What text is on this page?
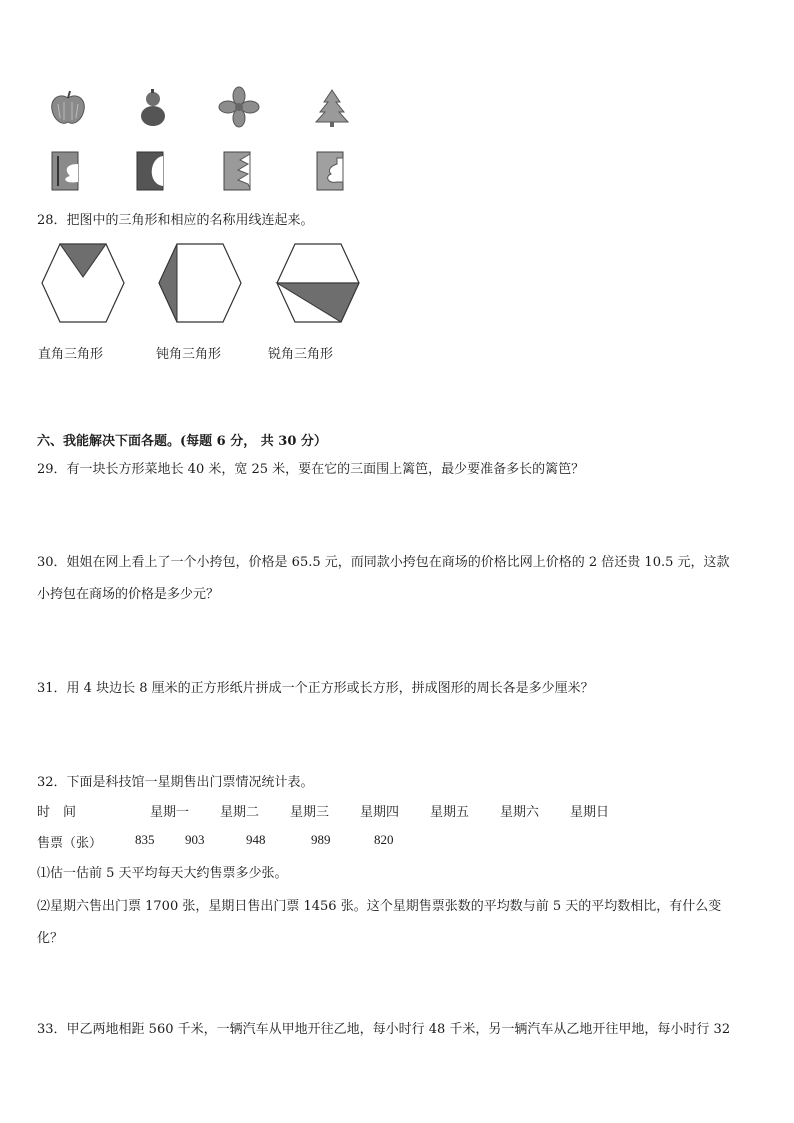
28．把图中的三角形和相应的名称用线连起来。
直角三角形	钝角三角形	锐角三角形
六、我能解决下面各题。(每题 6 分， 共 30 分）
29．有一块长方形菜地长 40 米，宽 25 米，要在它的三面围上篱笆，最少要准备多长的篱笆？
30．姐姐在网上看上了一个小挎包，价格是 65.5 元，而同款小挎包在商场的价格比网上价格的 2 倍还贵 10.5 元，这款
小挎包在商场的价格是多少元？
31．用 4 块边长 8 厘米的正方形纸片拼成一个正方形或长方形，拼成图形的周长各是多少厘米？
32．下面是科技馆一星期售出门票情况统计表。
时　间	星期一 星期二 星期三 星期四 星期五 星期六 星期日
售票（张）	835 903	948	989	820
⑴估一估前 5 天平均每天大约售票多少张。
⑵星期六售出门票 1700 张，星期日售出门票 1456 张。这个星期售票张数的平均数与前 5 天的平均数相比，有什么变
化？
33．甲乙两地相距 560 千米，一辆汽车从甲地开往乙地，每小时行 48 千米，另一辆汽车从乙地开往甲地，每小时行 32
